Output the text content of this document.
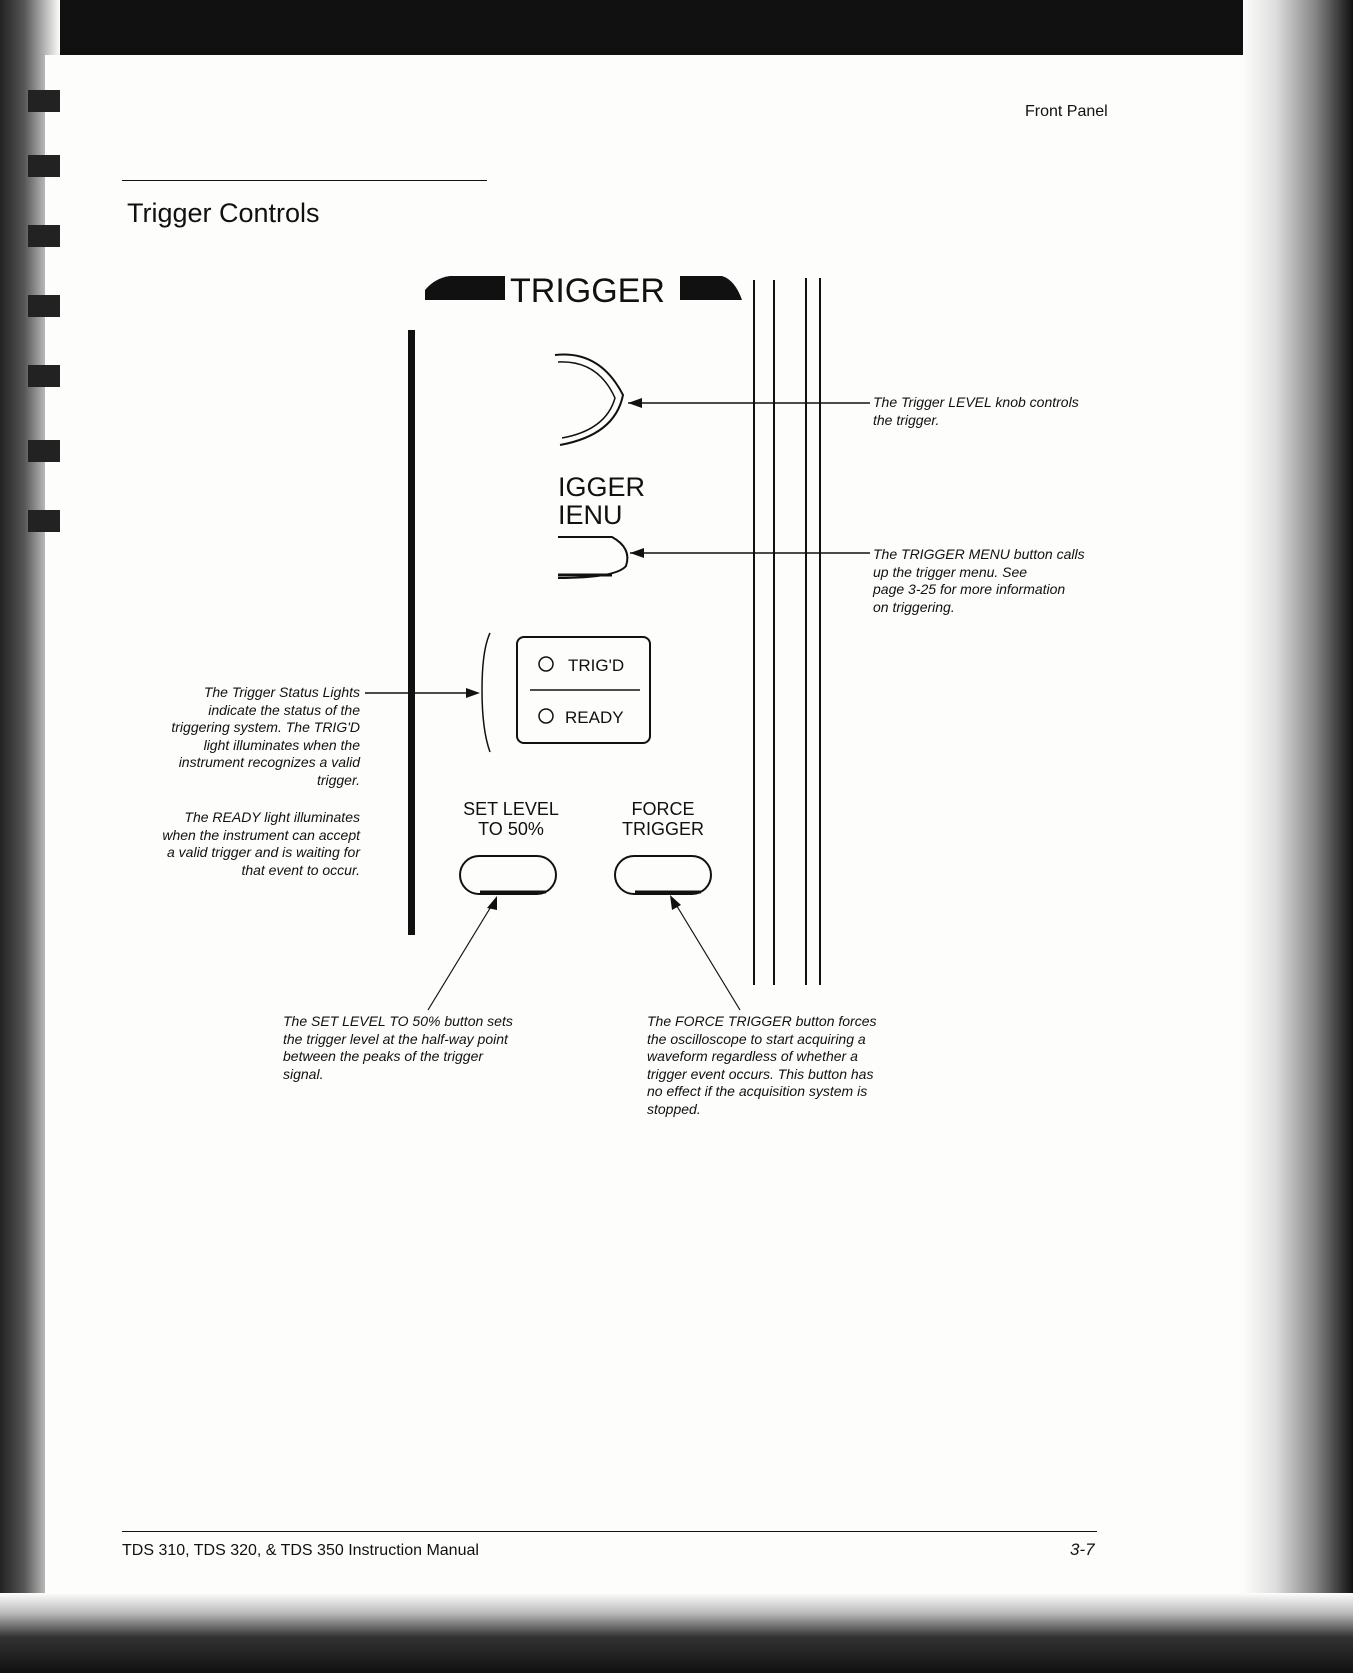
Front Panel
Trigger Controls
TRIGGER
IGGER
IENU
TRIG'D
READY
SET LEVEL
TO 50%
FORCE
TRIGGER
The Trigger LEVEL knob controls
the trigger.
The TRIGGER MENU button calls
up the trigger menu. See
page 3-25 for more information
on triggering.
The Trigger Status Lights
indicate the status of the
triggering system. The TRIG'D
light illuminates when the
instrument recognizes a valid
trigger.
The READY light illuminates
when the instrument can accept
a valid trigger and is waiting for
that event to occur.
The SET LEVEL TO 50% button sets
the trigger level at the half-way point
between the peaks of the trigger
signal.
The FORCE TRIGGER button forces
the oscilloscope to start acquiring a
waveform regardless of whether a
trigger event occurs. This button has
no effect if the acquisition system is
stopped.
TDS 310, TDS 320, & TDS 350 Instruction Manual	3-7
